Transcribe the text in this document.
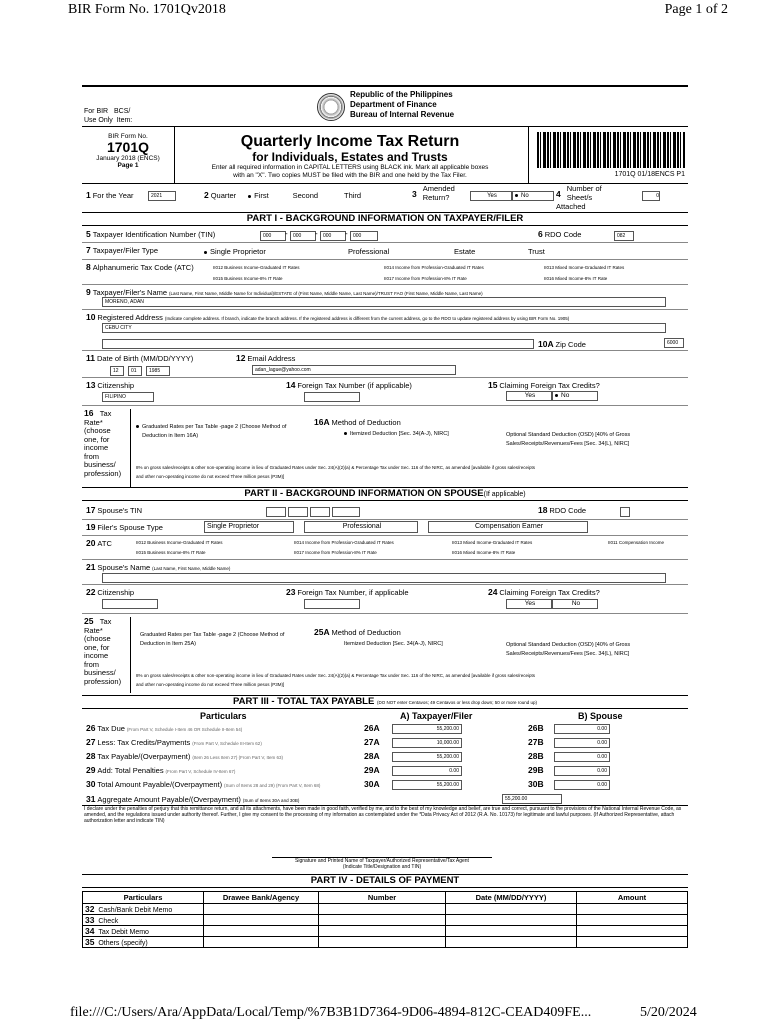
BIR Form No. 1701Qv2018	Page 1 of 2
file:///C:/Users/Ara/AppData/Local/Temp/%7B3B1D7364-9D06-4894-812C-CEAD409FE...	5/20/2024
Republic of the Philippines
Department of Finance
Bureau of Internal Revenue
For BIR BCS/
Use Only Item:
BIR Form No.
1701Q
January 2018 (ENCS)
Page 1
Quarterly Income Tax Return
for Individuals, Estates and Trusts
Enter all required information in CAPITAL LETTERS using BLACK ink. Mark all applicable boxes
with an "X". Two copies MUST be filed with the BIR and one held by the Tax Filer.	1701Q 01/18ENCS P1
1 For the Year	2021	2 Quarter First	Second	Third	3
Amended
Return?	Yes	No	4
Number of
Sheet/s Attached
0
PART I - BACKGROUND INFORMATION ON TAXPAYER/FILER
5 Taxpayer Identification Number (TIN)	000	-	000	-	000	-	000	6 RDO Code	082
7 Taxpayer/Filer Type	Single Proprietor	Professional	Estate	Trust
8 Alphanumeric Tax Code (ATC)	II012 Business Income-Graduated IT Rates	II014 Income from Profession-Graduated IT Rates	II013 Mixed Income-Graduated IT Rates
II015 Business Income-8% IT Rate	II017 Income from Profession-8% IT Rate	II016 Mixed Income-8% IT Rate
9 Taxpayer/Filer's Name (Last Name, First Name, Middle Name for Individual)/ESTATE of (First Name, Middle Name, Last Name)/TRUST FAO (First Name, Middle Name, Last Name)
MORENO, ADAN
10 Registered Address (Indicate complete address. If branch, indicate the branch address. If the registered address is different from the current address, go to the RDO to update registered address by using BIR Form No. 1905)
CEBU CITY
10A Zip Code	6000
11 Date of Birth (MM/DD/YYYY)
12	01	1985
12 Email Address
adan_lague@yahoo.com
13 Citizenship
FILIPINO
14 Foreign Tax Number (if applicable)	15 Claiming Foreign Tax Credits?
Yes	No
16 Tax
Rate*
(choose
one, for
income
from
business/
profession)
Graduated Rates per Tax Table -page 2 (Choose Method of
Deduction in Item 16A)
16A Method of Deduction
Itemized Deduction [Sec. 34(A-J), NIRC]	Optional Standard Deduction (OSD) [40% of Gross
Sales/Receipts/Revenues/Fees [Sec. 34(L), NIRC]
8% on gross sales/receipts & other non-operating income in lieu of Graduated Rates under Sec. 24(A)(2)(a) & Percentage Tax under Sec. 116 of the NIRC, as amended [available if gross sales/receipts
and other non-operating income do not exceed Three million pesos (P3M)]
PART II - BACKGROUND INFORMATION ON SPOUSE(If applicable)
17 Spouse's TIN	18 RDO Code
19 Filer's Spouse Type	Single Proprietor	Professional	Compensation Earner
20 ATC	II012 Business Income-Graduated IT Rates	II014 Income from Profession-Graduated IT Rates	II013 Mixed Income-Graduated IT Rates	II011 Compensation Income
II015 Business Income-8% IT Rate	II017 Income from Profession-8% IT Rate	II016 Mixed Income-8% IT Rate
21 Spouse's Name (Last Name, First Name, Middle Name)
22 Citizenship	23 Foreign Tax Number, if applicable	24 Claiming Foreign Tax Credits?
Yes	No
25 Tax
Rate*
(choose
one, for
income
from
business/
profession)
Graduated Rates per Tax Table -page 2 (Choose Method of
Deduction in Item 25A)
25A Method of Deduction
Itemized Deduction [Sec. 34(A-J), NIRC]	Optional Standard Deduction (OSD) [40% of Gross
Sales/Receipts/Revenues/Fees [Sec. 34(L), NIRC]
8% on gross sales/receipts & other non-operating income in lieu of Graduated Rates under Sec. 24(A)(2)(a) & Percentage Tax under Sec. 116 of the NIRC, as amended [available if gross sales/receipts
and other non-operating income do not exceed Three million pesos (P3M)]
PART III - TOTAL TAX PAYABLE (DO NOT enter Centavos; 49 Centavos or less drop down; 50 or more round up)
Particulars	A) Taxpayer/Filer	B) Spouse
26 Tax Due (From Part V, Schedule I-Item 46 OR Schedule II-Item 54)	26A	55,200.00	26B	0.00
27 Less: Tax Credits/Payments (From Part V, Schedule III-Item 62)	27A	10,000.00	27B	0.00
28 Tax Payable/(Overpayment) (Item 26 Less Item 27) (From Part V, Item 63)	28A	55,200.00	28B	0.00
29 Add: Total Penalties (From Part V, Schedule IV-Item 67)	29A	0.00	29B	0.00
30 Total Amount Payable/(Overpayment) (Sum of Items 28 and 29) (From Part V, Item 68)	30A	55,200.00	30B	0.00
31 Aggregate Amount Payable/(Overpayment) (Sum of Items 30A and 30B)	55,200.00
I declare under the penalties of perjury that this remittance return, and all its attachments, have been made in good faith, verified by me, and to the best of my knowledge and belief, are true and correct, pursuant to the provisions of the National Internal Revenue Code, as amended, and the regulations issued under authority thereof. Further, I give my consent to the processing of my information as contemplated under the *Data Privacy Act of 2012 (R.A. No. 10173) for legitimate and lawful purposes. (If Authorized Representative, attach authorization letter and indicate TIN)
Signature and Printed Name of Taxpayer/Authorized Representative/Tax Agent
(Indicate Title/Designation and TIN)
PART IV - DETAILS OF PAYMENT
Particulars	Drawee Bank/Agency	Number	Date (MM/DD/YYYY)	Amount
32 Cash/Bank Debit Memo				
33 Check				
34 Tax Debit Memo				
35 Others (specify)				
